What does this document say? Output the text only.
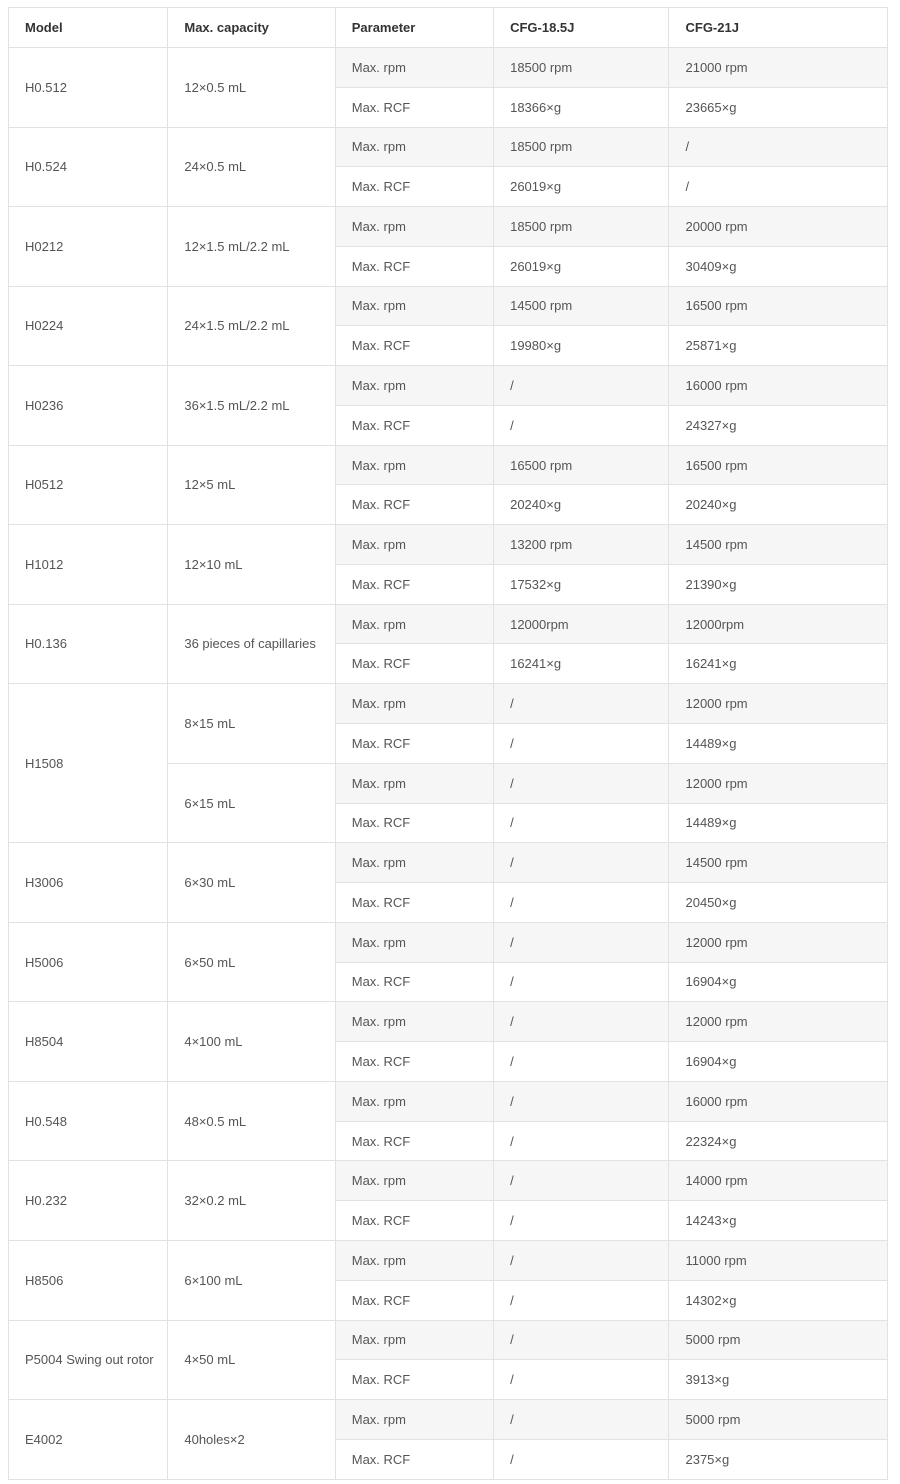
Model	Max. capacity	Parameter	CFG-18.5J	CFG-21J
H0.512	12×0.5 mL	Max. rpm	18500 rpm	21000 rpm
		Max. RCF	18366×g	23665×g
H0.524	24×0.5 mL	Max. rpm	18500 rpm	/
		Max. RCF	26019×g	/
H0212	12×1.5 mL/2.2 mL	Max. rpm	18500 rpm	20000 rpm
		Max. RCF	26019×g	30409×g
H0224	24×1.5 mL/2.2 mL	Max. rpm	14500 rpm	16500 rpm
		Max. RCF	19980×g	25871×g
H0236	36×1.5 mL/2.2 mL	Max. rpm	/	16000 rpm
		Max. RCF	/	24327×g
H0512	12×5 mL	Max. rpm	16500 rpm	16500 rpm
		Max. RCF	20240×g	20240×g
H1012	12×10 mL	Max. rpm	13200 rpm	14500 rpm
		Max. RCF	17532×g	21390×g
H0.136	36 pieces of capillaries	Max. rpm	12000rpm	12000rpm
		Max. RCF	16241×g	16241×g
H1508	8×15 mL	Max. rpm	/	12000 rpm
		Max. RCF	/	14489×g
	6×15 mL	Max. rpm	/	12000 rpm
		Max. RCF	/	14489×g
H3006	6×30 mL	Max. rpm	/	14500 rpm
		Max. RCF	/	20450×g
H5006	6×50 mL	Max. rpm	/	12000 rpm
		Max. RCF	/	16904×g
H8504	4×100 mL	Max. rpm	/	12000 rpm
		Max. RCF	/	16904×g
H0.548	48×0.5 mL	Max. rpm	/	16000 rpm
		Max. RCF	/	22324×g
H0.232	32×0.2 mL	Max. rpm	/	14000 rpm
		Max. RCF	/	14243×g
H8506	6×100 mL	Max. rpm	/	11000 rpm
		Max. RCF	/	14302×g
P5004 Swing out rotor	4×50 mL	Max. rpm	/	5000 rpm
		Max. RCF	/	3913×g
E4002	40holes×2	Max. rpm	/	5000 rpm
		Max. RCF	/	2375×g
